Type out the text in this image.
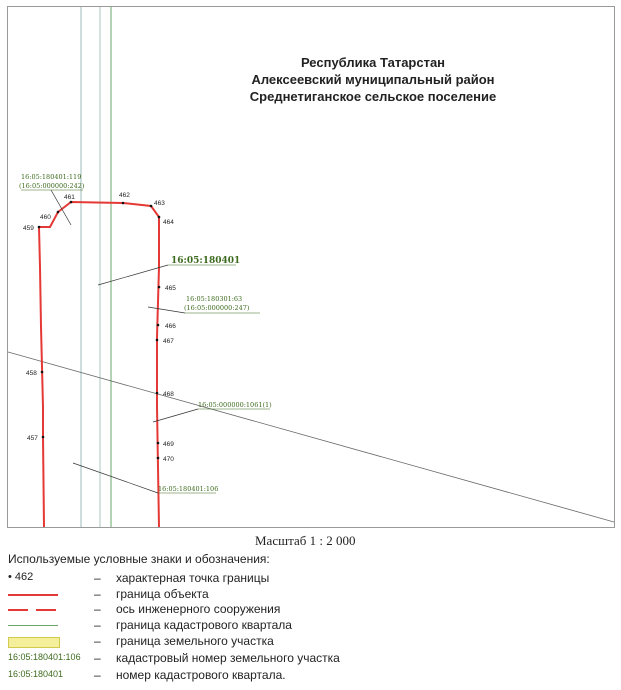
461	462
463
464
460
459
458
457
465
466
467
468
469
470
16:05:180401:119
(16:05:000000:242)
16:05:180401
16:05:180301:63
(16:05:000000:247)
16:05:000000:1061(1)
16:05:180401:106
Республика Татарстан
Алексеевский муниципальный район
Среднетиганское сельское поселение
Масштаб 1 : 2 000
Используемые условные знаки и обозначения:
• 462	– характерная точка границы
– граница объекта
– ось инженерного сооружения
– граница кадастрового квартала
– граница земельного участка
16:05:180401:106 – кадастровый номер земельного участка
16:05:180401	– номер кадастрового квартала.
